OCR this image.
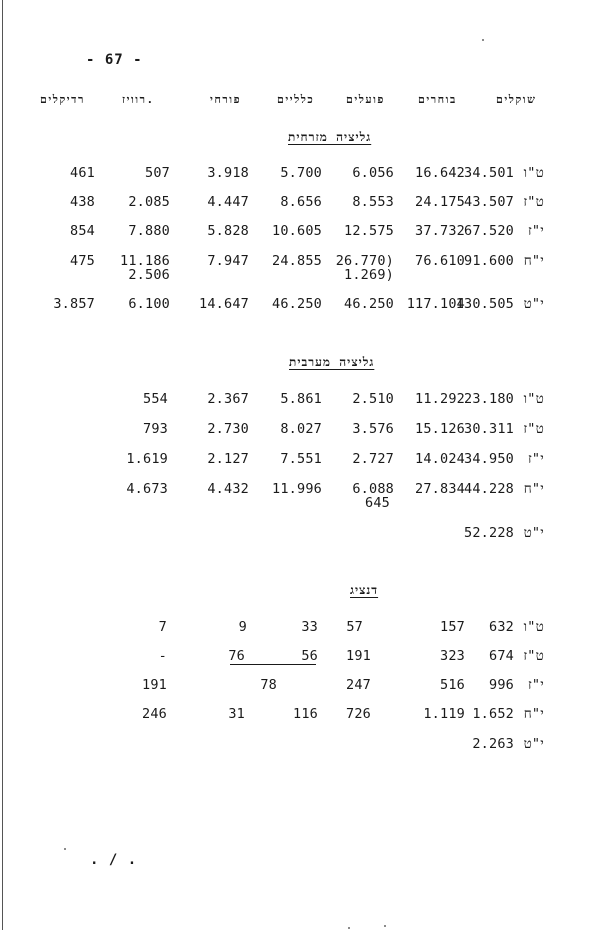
- 67 -
שוקלים
בוחרים
פועלים
כלליים
פורחי
רוויז.
רדיקלים
גליציה מזרחית
ט"ו
34.501
16.642
6.056
5.700
3.918
507
461
ט"ז
43.507
24.175
8.553
8.656
4.447
2.085
438
י"ז
67.520
37.732
12.575
10.605
5.828
7.880
854
י"ח
91.600
76.610
26.770)
1.269)
24.855
7.947
11.186
2.506
475
י"ט
130.505
117.104
46.250
46.250
14.647
6.100
3.857
גליציה מערבית
ט"ו
23.180
11.292
2.510
5.861
2.367
554
ט"ז
30.311
15.126
3.576
8.027
2.730
793
י"ז
34.950
14.024
2.727
7.551
2.127
1.619
י"ח
44.228
27.834
6.088
645
11.996
4.432
4.673
י"ט
52.228
דנציג
ט"ו
632
157
57
33
9
7
ט"ז
674
323
191
56
76
-
י"ז
996
516
247
78
191
י"ח
1.652
1.119
726
116
31
246
י"ט
2.263
. / .
